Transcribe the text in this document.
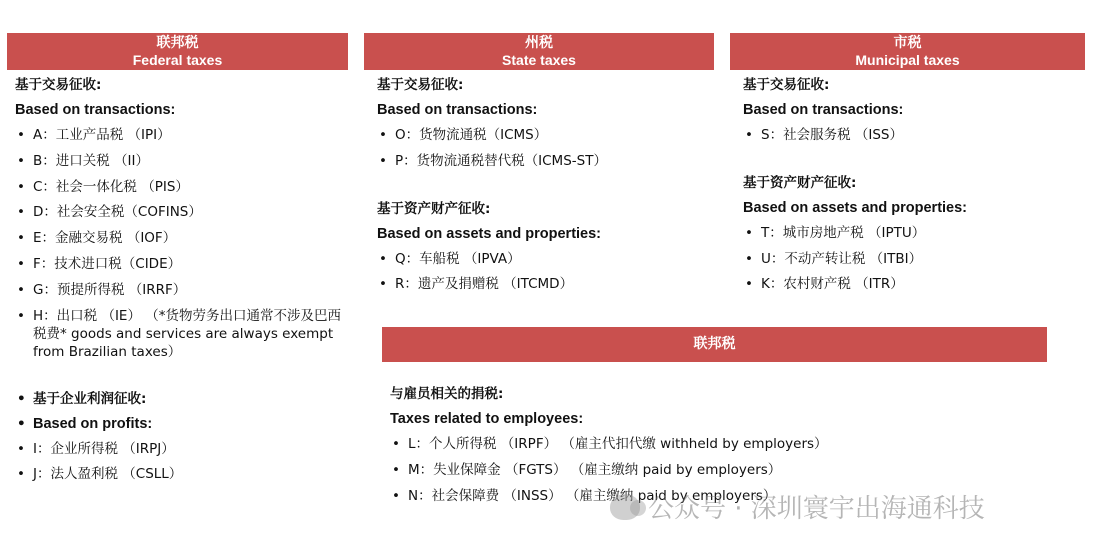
联邦税
Federal taxes
州税
State taxes
市税
Municipal taxes
联邦税
基于交易征收:
Based on transactions:
• A：工业产品税 （IPI）
• B：进口关税 （II）
• C：社会一体化税 （PIS）
• D：社会安全税（COFINS）
• E：金融交易税 （IOF）
• F：技术进口税（CIDE）
• G：预提所得税 （IRRF）
• H：出口税 （IE） （*货物劳务出口通常不涉及巴西税费* goods and services are always exempt from Brazilian taxes）
• 基于企业利润征收:
• Based on profits:
• I：企业所得税 （IRPJ）
• J：法人盈利税 （CSLL）
基于交易征收:
Based on transactions:
• O：货物流通税（ICMS）
• P：货物流通税替代税（ICMS-ST）
基于资产财产征收:
Based on assets and properties:
• Q：车船税 （IPVA）
• R：遗产及捐赠税 （ITCMD）
基于交易征收:
Based on transactions:
• S：社会服务税 （ISS）
基于资产财产征收:
Based on assets and properties:
• T：城市房地产税 （IPTU）
• U：不动产转让税 （ITBI）
• K：农村财产税 （ITR）
与雇员相关的捐税:
Taxes related to employees:
• L：个人所得税 （IRPF） （雇主代扣代缴 withheld by employers）
• M：失业保障金 （FGTS） （雇主缴纳 paid by employers）
• N：社会保障费 （INSS） （雇主缴纳 paid by employers）
公众号 · 深圳寰宇出海通科技
